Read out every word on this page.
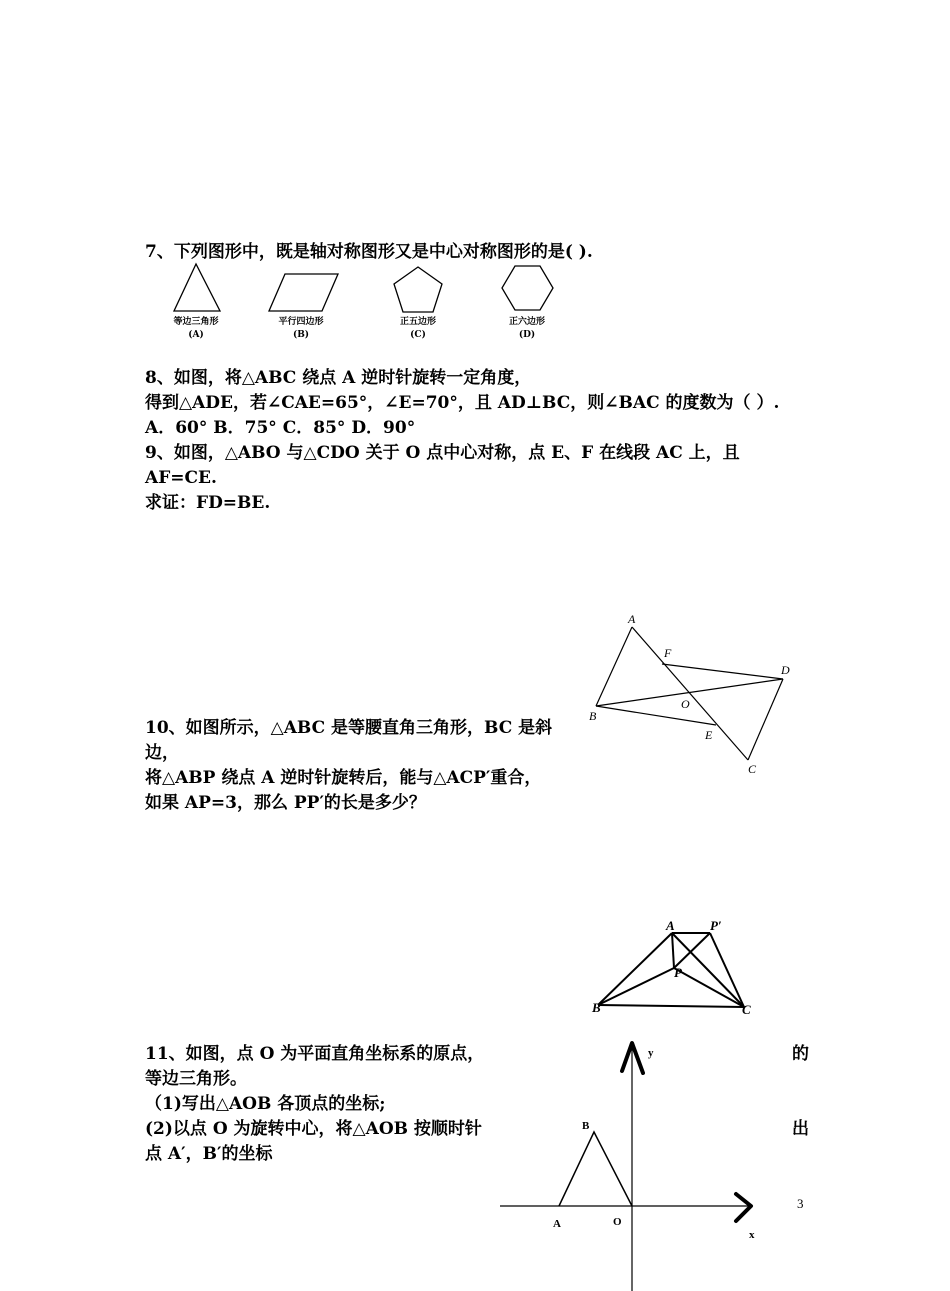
7、下列图形中，既是轴对称图形又是中心对称图形的是( ).
等边三角形
(A)
平行四边形
(B)
正五边形
(C)
正六边形
(D)
8、如图，将△ABC 绕点 A 逆时针旋转一定角度，
得到△ADE，若∠CAE=65°，∠E=70°，且 AD⊥BC，则∠BAC 的度数为（ ）.
A．60° B．75° C．85° D．90°
9、如图，△ABO 与△CDO 关于 O 点中心对称，点 E、F 在线段 AC 上，且
AF=CE.
求证：FD=BE.
A
F
D
O
B
E
C
10、如图所示，△ABC 是等腰直角三角形，BC 是斜
边，
将△ABP 绕点 A 逆时针旋转后，能与△ACP′重合，
如果 AP=3，那么 PP′的长是多少？
A	P′
P
B	C
11、如图，点 O 为平面直角坐标系的原点，
等边三角形。
（1)写出△AOB 各顶点的坐标;
(2)以点 O 为旋转中心，将△AOB 按顺时针
点 A′，B′的坐标
的
出
y
x
B
A	O
3
